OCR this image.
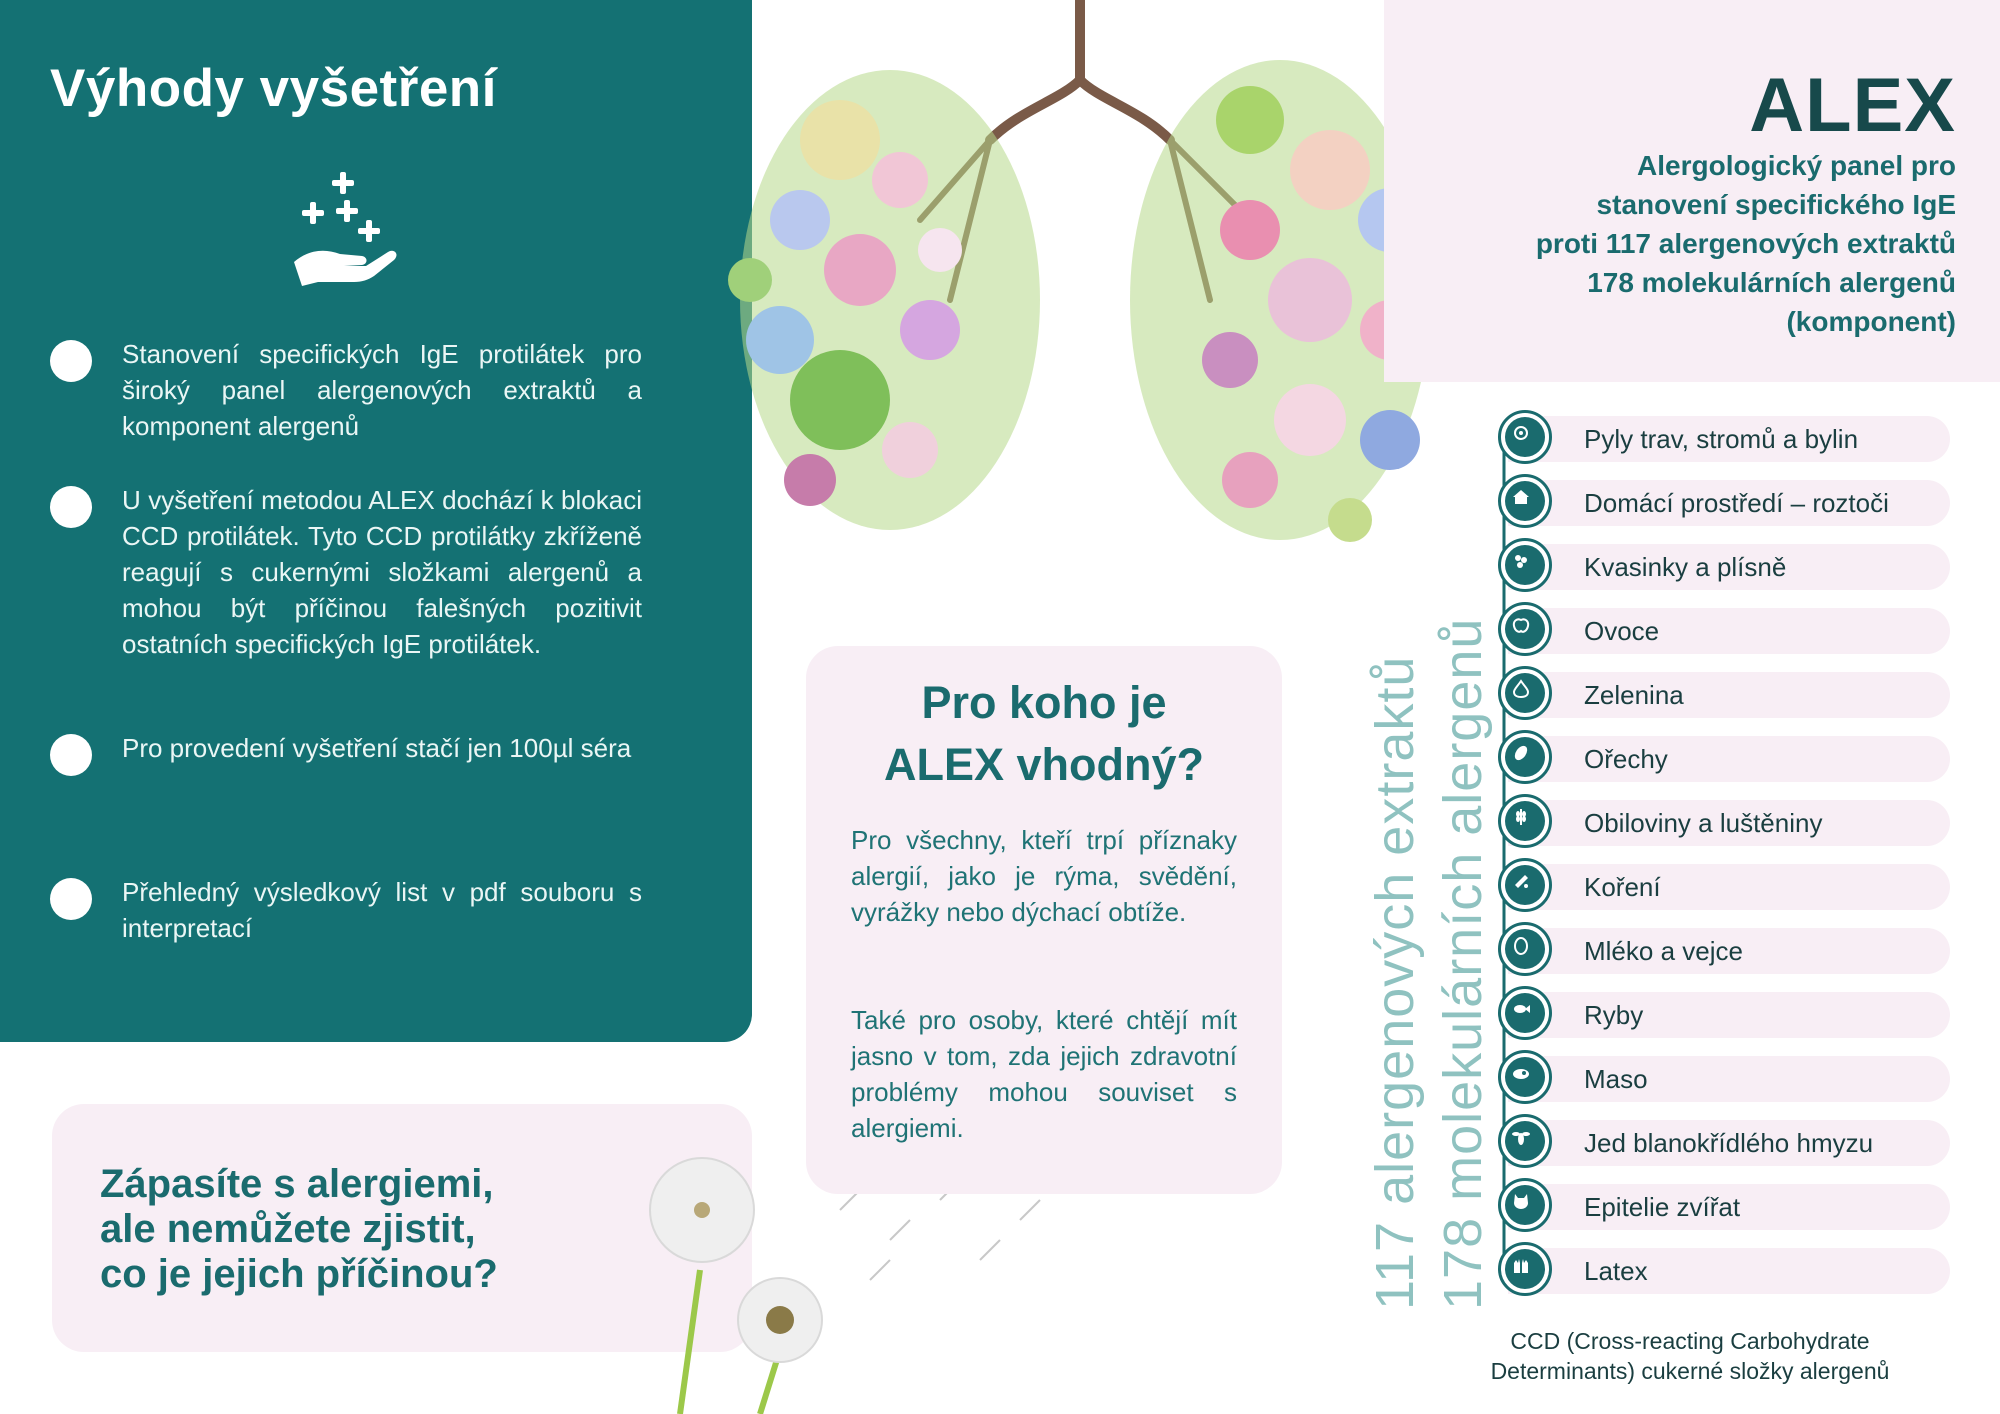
Výhody vyšetření
Stanovení specifických IgE protilátek pro široký panel alergenových extraktů a komponent alergenů
U vyšetření metodou ALEX dochází k blokaci CCD protilátek. Tyto CCD protilátky zkříženě reagují s cukernými složkami alergenů a mohou být příčinou falešných pozitivit ostatních specifických IgE protilátek.
Pro provedení vyšetření stačí jen 100µl séra
Přehledný výsledkový list v pdf souboru s interpretací
Zápasíte s alergiemi,
ale nemůžete zjistit,
co je jejich příčinou?
Pro koho je
ALEX vhodný?
Pro všechny, kteří trpí příznaky alergií, jako je rýma, svědění, vyrážky nebo dýchací obtíže.
Také pro osoby, které chtějí mít jasno v tom, zda jejich zdravotní problémy mohou souviset s alergiemi.
ALEX
Alergologický panel pro
stanovení specifického IgE
proti 117 alergenových extraktů
178 molekulárních alergenů
(komponent)
117 alergenových extraktů 178 molekulárních alergenů
Pyly trav, stromů a bylin
Domácí prostředí – roztoči
Kvasinky a plísně
Ovoce
Zelenina
Ořechy
Obiloviny a luštěniny
Koření
Mléko a vejce
Ryby
Maso
Jed blanokřídlého hmyzu
Epitelie zvířat
Latex
CCD (Cross-reacting Carbohydrate
Determinants) cukerné složky alergenů
